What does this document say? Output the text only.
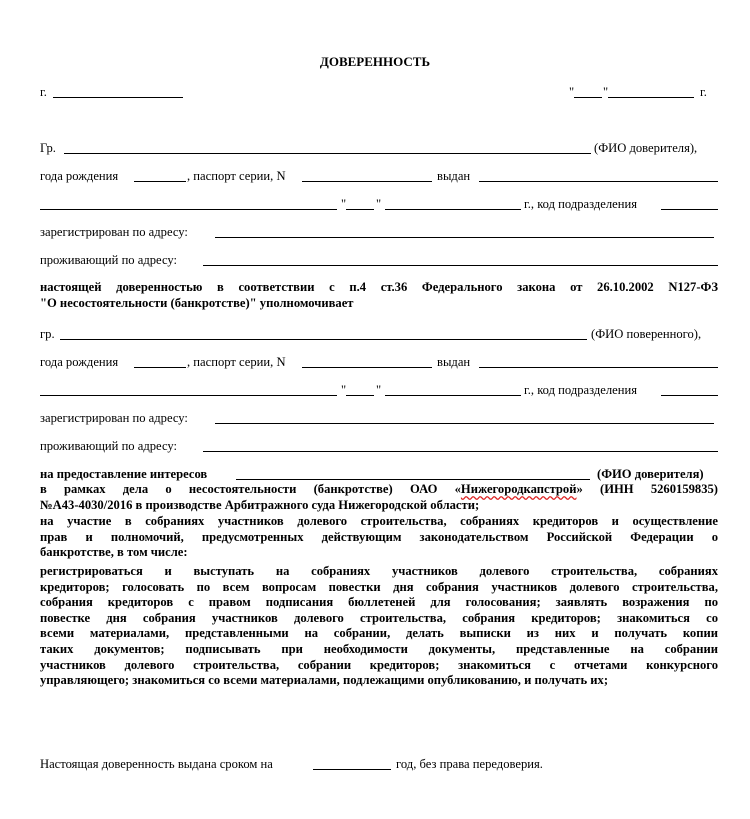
ДОВЕРЕННОСТЬ
г.	" "	г.
Гр.	(ФИО доверителя),
года рождения	, паспорт серии, N	выдан
" "	г., код подразделения
зарегистрирован по адресу:
проживающий по адресу:
настоящей доверенностью в соответствии с п.4 ст.36 Федерального закона от 26.10.2002 N127-ФЗ
"О несостоятельности (банкротстве)" уполномочивает
гр.	(ФИО поверенного),
года рождения	, паспорт серии, N	выдан
" "	г., код подразделения
зарегистрирован по адресу:
проживающий по адресу:
на предоставление интересов	(ФИО доверителя)
в рамках дела о несостоятельности (банкротстве) ОАО «Нижегородкапстрой» (ИНН 5260159835)
№А43-4030/2016 в производстве Арбитражного суда Нижегородской области;
на участие в собраниях участников долевого строительства, собраниях кредиторов и осуществление
прав и полномочий, предусмотренных действующим законодательством Российской Федерации о
банкротстве, в том числе:
регистрироваться и выступать на собраниях участников долевого строительства, собраниях
кредиторов; голосовать по всем вопросам повестки дня собрания участников долевого строительства,
собрания кредиторов с правом подписания бюллетеней для голосования; заявлять возражения по
повестке дня собрания участников долевого строительства, собрания кредиторов; знакомиться со
всеми материалами, представленными на собрании, делать выписки из них и получать копии
таких документов; подписывать при необходимости документы, представленные на собрании
участников долевого строительства, собрании кредиторов; знакомиться с отчетами конкурсного
управляющего; знакомиться со всеми материалами, подлежащими опубликованию, и получать их;
Настоящая доверенность выдана сроком на	год, без права передоверия.
